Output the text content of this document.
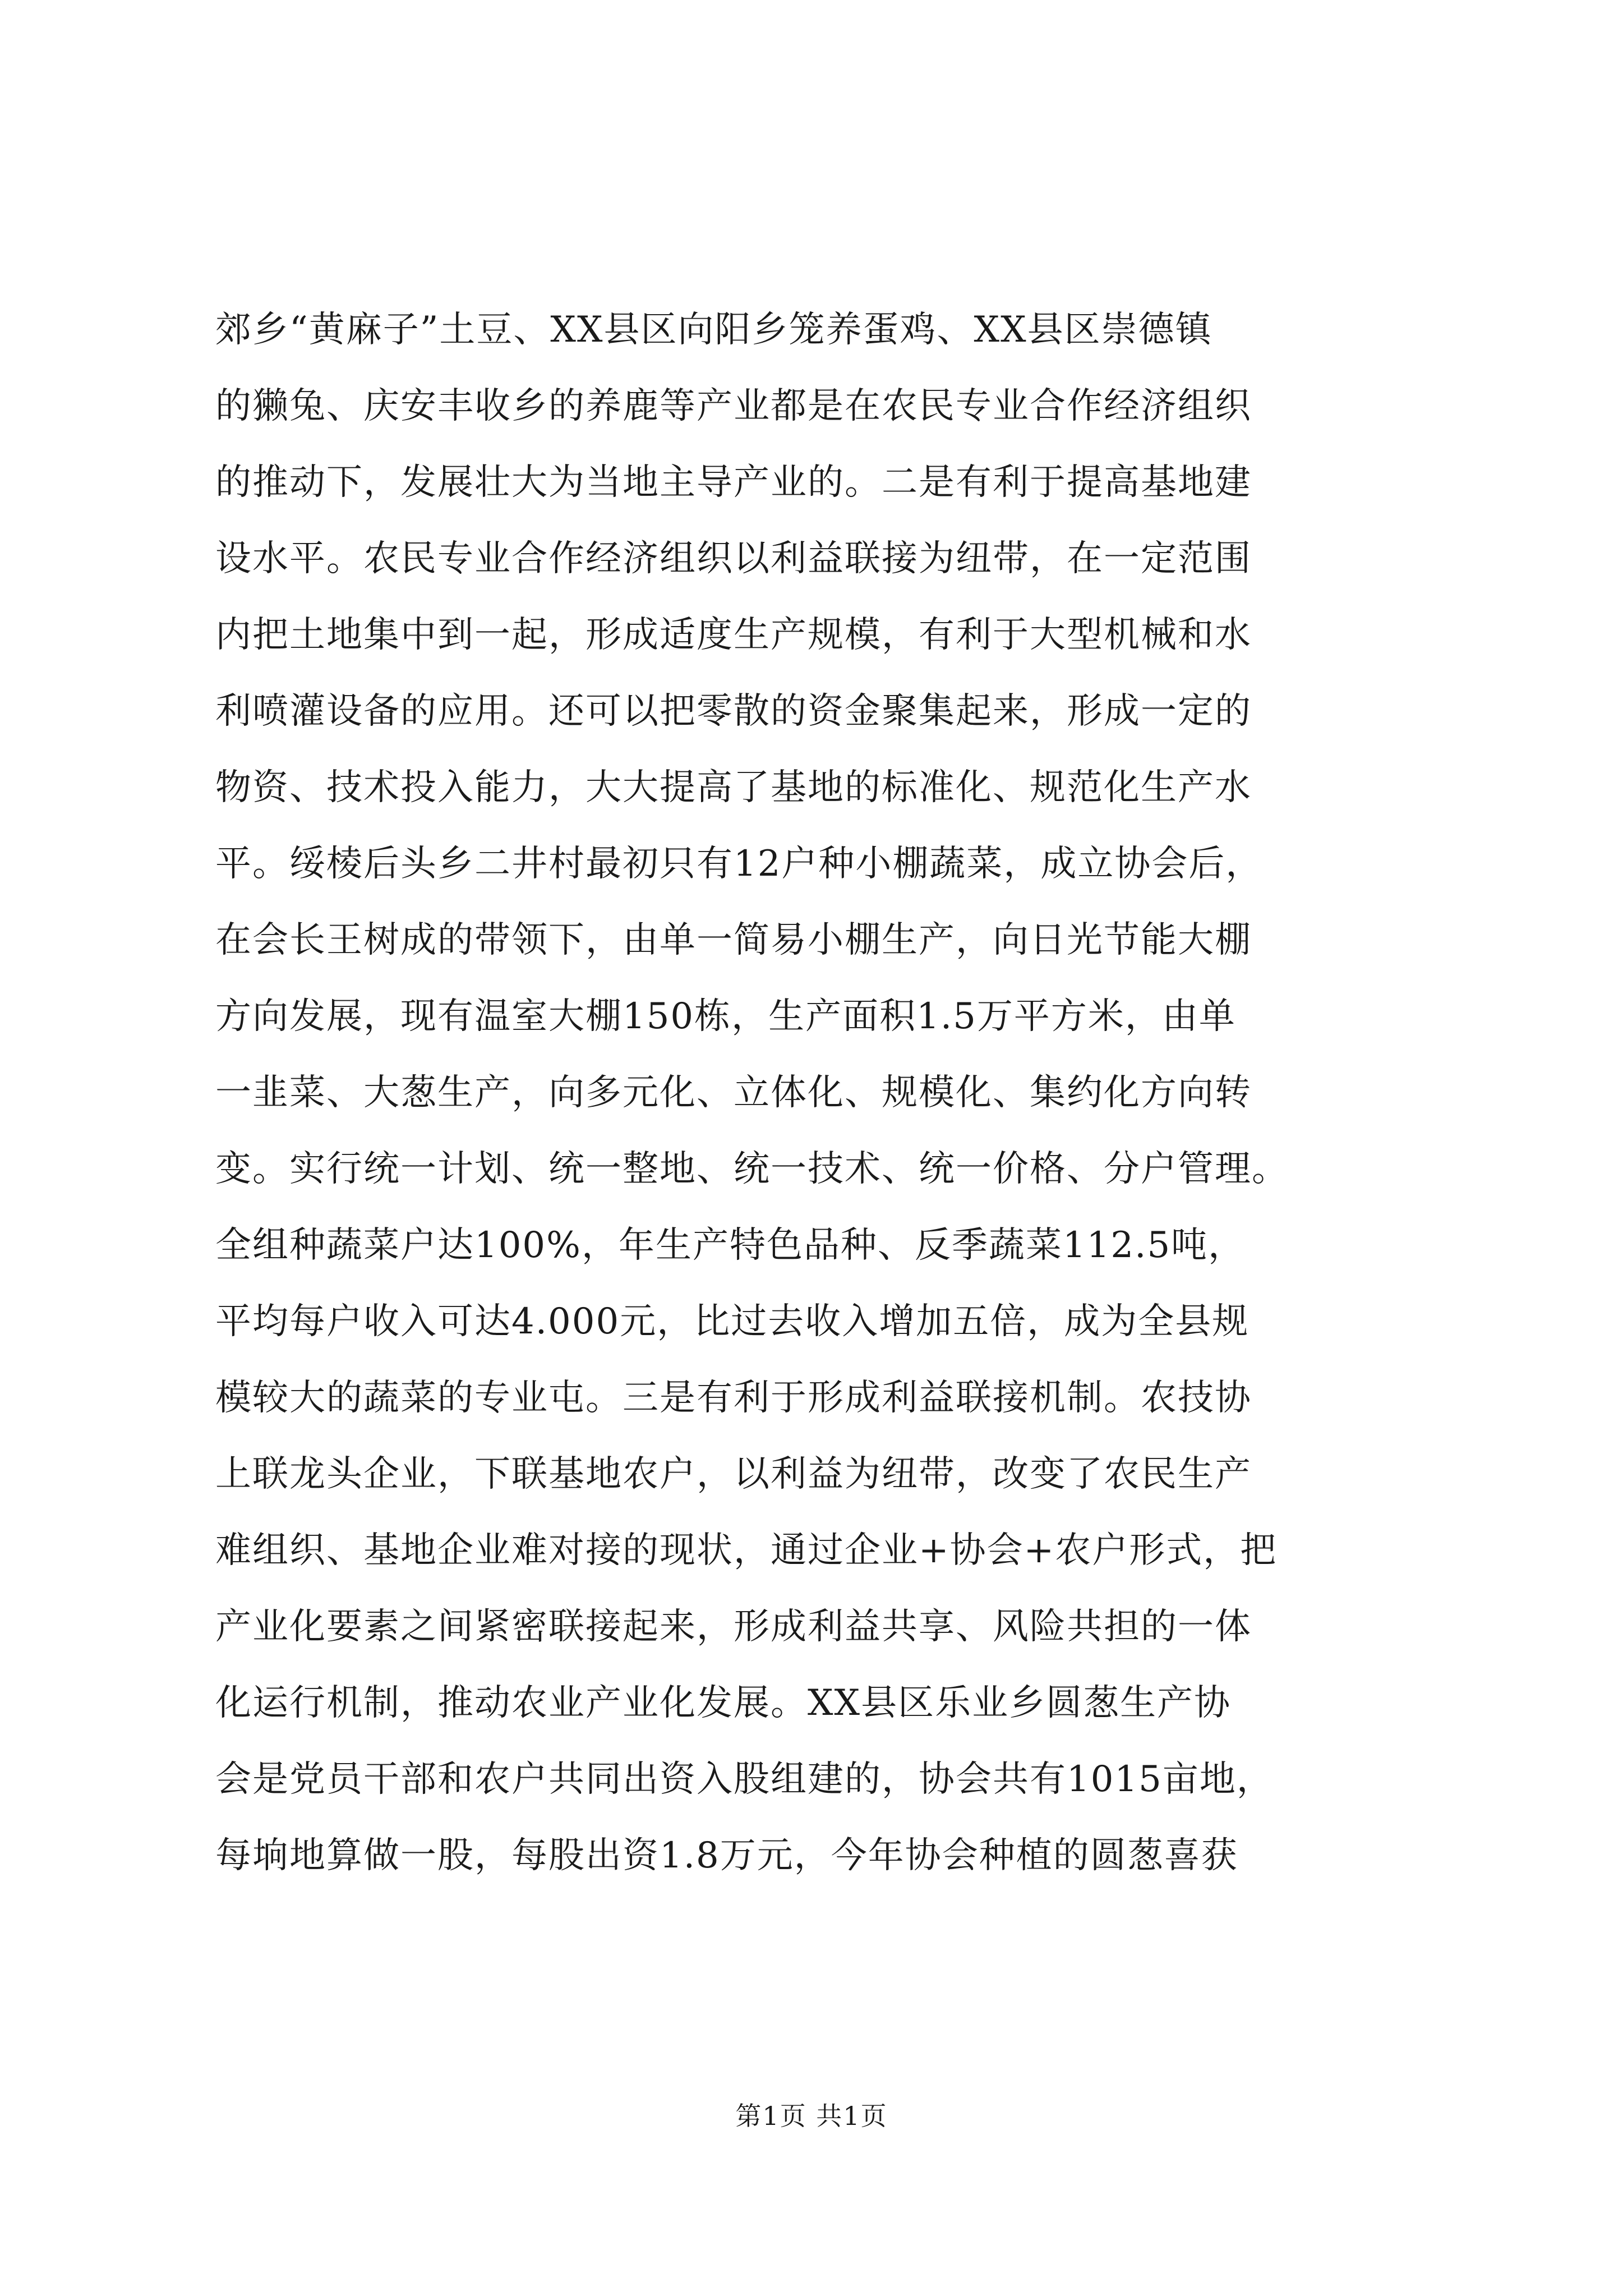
郊乡“黄麻子”土豆、XX县区向阳乡笼养蛋鸡、XX县区崇德镇
的獭兔、庆安丰收乡的养鹿等产业都是在农民专业合作经济组织
的推动下，发展壮大为当地主导产业的。二是有利于提高基地建
设水平。农民专业合作经济组织以利益联接为纽带，在一定范围
内把土地集中到一起，形成适度生产规模，有利于大型机械和水
利喷灌设备的应用。还可以把零散的资金聚集起来，形成一定的
物资、技术投入能力，大大提高了基地的标准化、规范化生产水
平。绥棱后头乡二井村最初只有12户种小棚蔬菜，成立协会后，
在会长王树成的带领下，由单一简易小棚生产，向日光节能大棚
方向发展，现有温室大棚150栋，生产面积1.5万平方米，由单
一韭菜、大葱生产，向多元化、立体化、规模化、集约化方向转
变。实行统一计划、统一整地、统一技术、统一价格、分户管理。
全组种蔬菜户达100%，年生产特色品种、反季蔬菜112.5吨，
平均每户收入可达4.000元，比过去收入增加五倍，成为全县规
模较大的蔬菜的专业屯。三是有利于形成利益联接机制。农技协
上联龙头企业，下联基地农户，以利益为纽带，改变了农民生产
难组织、基地企业难对接的现状，通过企业+协会+农户形式，把
产业化要素之间紧密联接起来，形成利益共享、风险共担的一体
化运行机制，推动农业产业化发展。XX县区乐业乡圆葱生产协
会是党员干部和农户共同出资入股组建的，协会共有1015亩地，
每垧地算做一股，每股出资1.8万元，今年协会种植的圆葱喜获
第1页 共1页
